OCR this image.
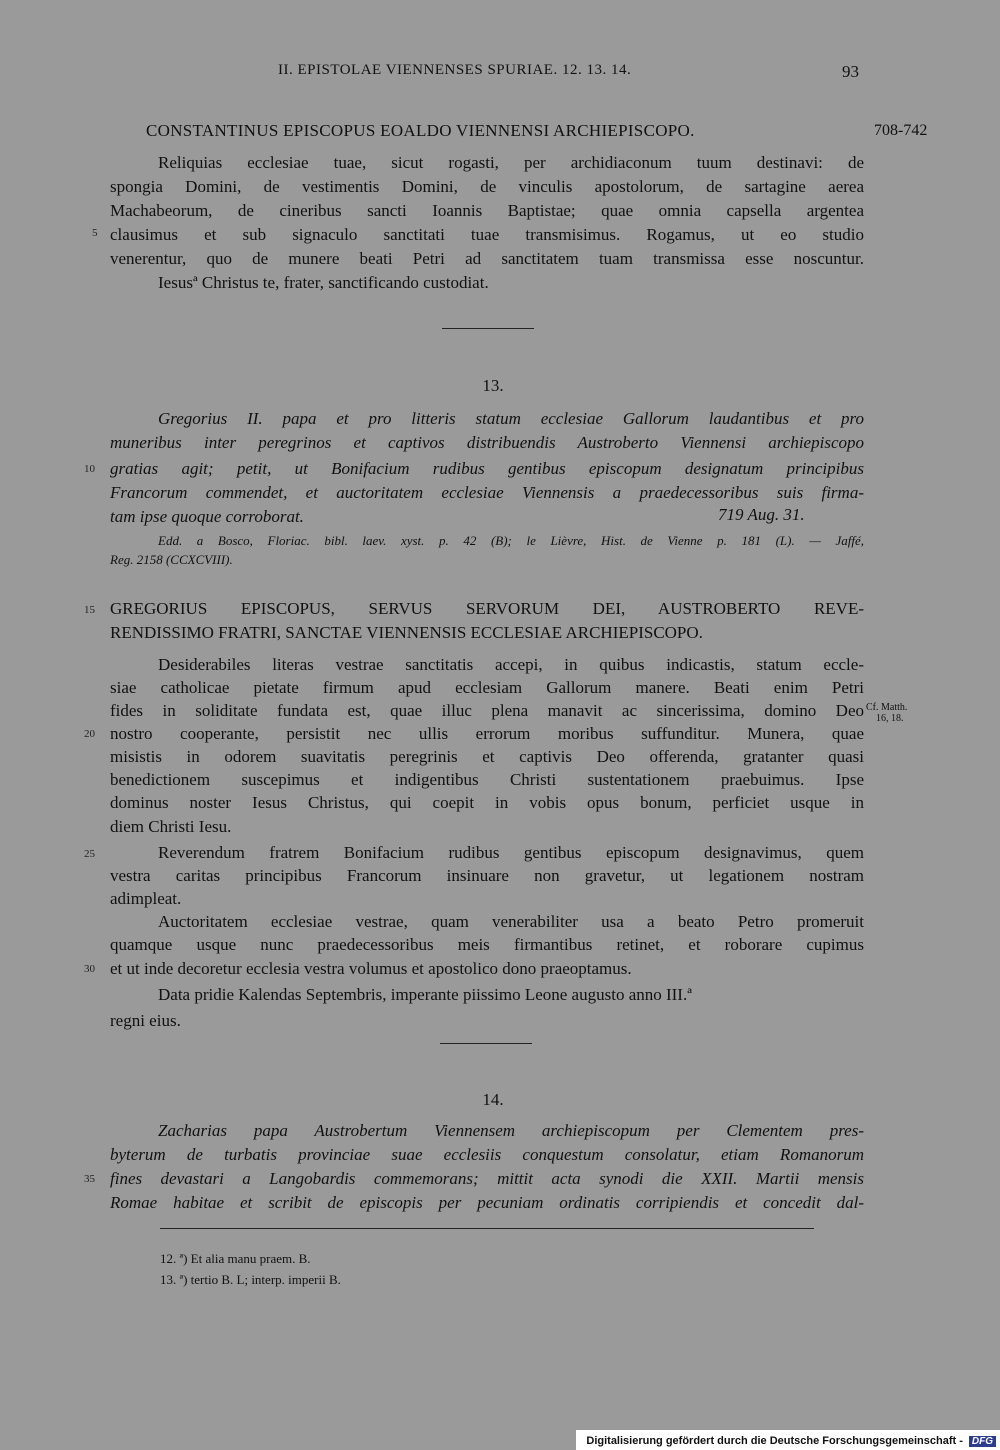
II. EPISTOLAE VIENNENSES SPURIAE. 12. 13. 14.	93
CONSTANTINUS EPISCOPUS EOALDO VIENNENSI ARCHIEPISCOPO.	708-742
Reliquias ecclesiae tuae, sicut rogasti, per archidiaconum tuum destinavi: de
spongia Domini, de vestimentis Domini, de vinculis apostolorum, de sartagine aerea
Machabeorum, de cineribus sancti Ioannis Baptistae; quae omnia capsella argentea
5 clausimus et sub signaculo sanctitati tuae transmisimus. Rogamus, ut eo studio
venerentur, quo de munere beati Petri ad sanctitatem tuam transmissa esse noscuntur.
Iesusª Christus te, frater, sanctificando custodiat.
13.
Gregorius II. papa et pro litteris statum ecclesiae Gallorum laudantibus et pro
muneribus inter peregrinos et captivos distribuendis Austroberto Viennensi archiepiscopo
10 gratias agit; petit, ut Bonifacium rudibus gentibus episcopum designatum principibus
Francorum commendet, et auctoritatem ecclesiae Viennensis a praedecessoribus suis firma-
tam ipse quoque corroborat.	719 Aug. 31.
Edd. a Bosco, Floriac. bibl. laev. xyst. p. 42 (B); le Lièvre, Hist. de Vienne p. 181 (L). — Jaffé,
Reg. 2158 (CCXCVIII).
15 GREGORIUS EPISCOPUS, SERVUS SERVORUM DEI, AUSTROBERTO REVE-
RENDISSIMO FRATRI, SANCTAE VIENNENSIS ECCLESIAE ARCHIEPISCOPO.
Desiderabiles literas vestrae sanctitatis accepi, in quibus indicastis, statum eccle-
siae catholicae pietate firmum apud ecclesiam Gallorum manere. Beati enim Petri
fides in soliditate fundata est, quae illuc plena manavit ac sincerissima, domino Deo Cf. Matth.
16, 18.
20 nostro cooperante, persistit nec ullis errorum moribus suffunditur. Munera, quae
misistis in odorem suavitatis peregrinis et captivis Deo offerenda, gratanter quasi
benedictionem suscepimus et indigentibus Christi sustentationem praebuimus. Ipse
dominus noster Iesus Christus, qui coepit in vobis opus bonum, perficiet usque in
diem Christi Iesu.
25	Reverendum fratrem Bonifacium rudibus gentibus episcopum designavimus, quem
vestra caritas principibus Francorum insinuare non gravetur, ut legationem nostram
adimpleat.
Auctoritatem ecclesiae vestrae, quam venerabiliter usa a beato Petro promeruit
quamque usque nunc praedecessoribus meis firmantibus retinet, et roborare cupimus
30 et ut inde decoretur ecclesia vestra volumus et apostolico dono praeoptamus.
Data pridie Kalendas Septembris, imperante piissimo Leone augusto anno III.ª
regni eius.
14.
Zacharias papa Austrobertum Viennensem archiepiscopum per Clementem pres-
byterum de turbatis provinciae suae ecclesiis conquestum consolatur, etiam Romanorum
35 fines devastari a Langobardis commemorans; mittit acta synodi die XXII. Martii mensis
Romae habitae et scribit de episcopis per pecuniam ordinatis corripiendis et concedit dal-
12. ª) Et alia manu praem. B.
13. ª) tertio B. L; interp. imperii B.
Digitalisierung gefördert durch die Deutsche Forschungsgemeinschaft - DFG
